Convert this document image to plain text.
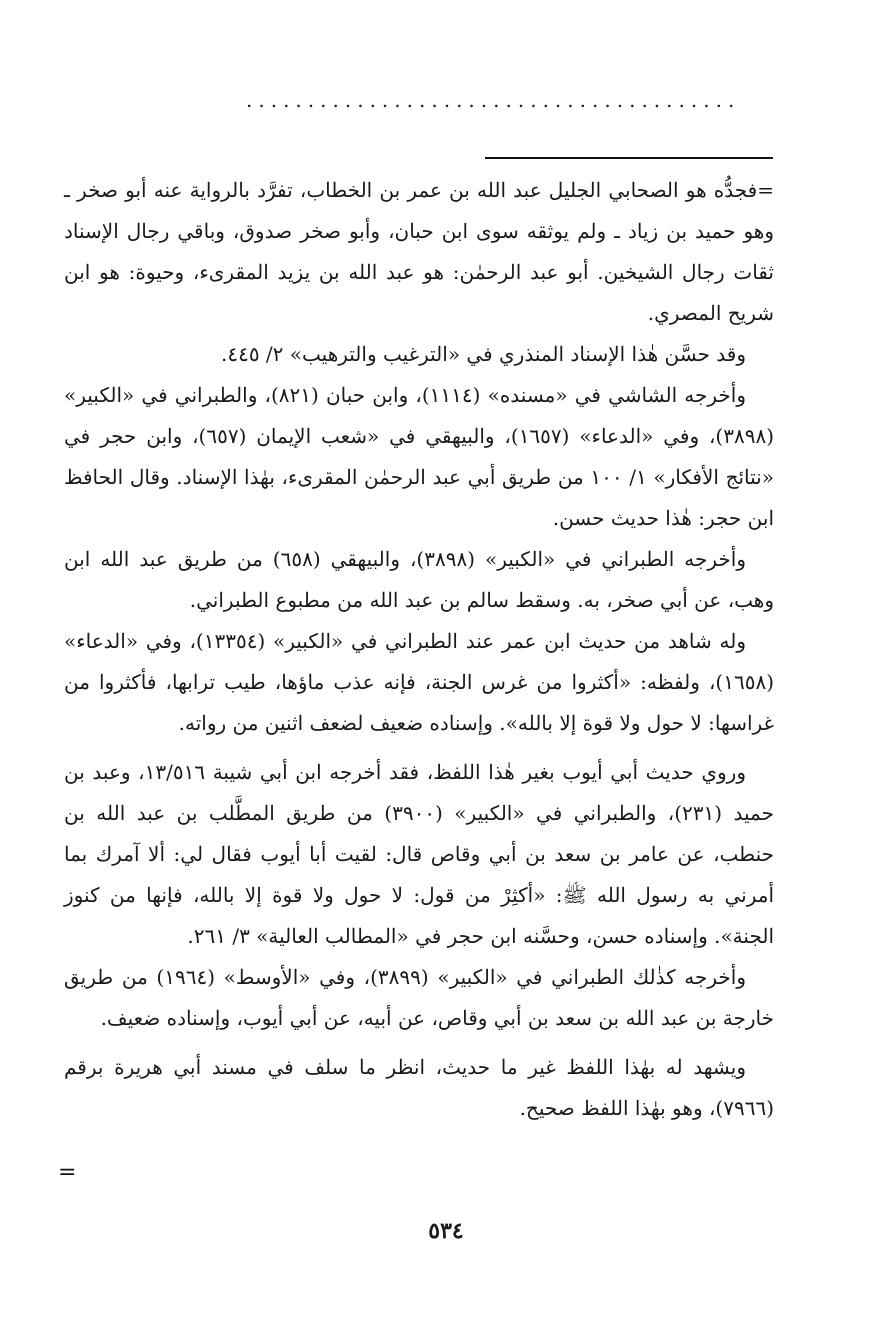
........................................

=فجدُّه هو الصحابي الجليل عبد الله بن عمر بن الخطاب، تفرَّد بالرواية عنه أبو صخر ـ وهو حميد بن زياد ـ ولم يوثقه سوى ابن حبان، وأبو صخر صدوق، وباقي رجال الإسناد ثقات رجال الشيخين. أبو عبد الرحمٰن: هو عبد الله بن يزيد المقرىء، وحيوة: هو ابن شريح المصري.

وقد حسَّن هٰذا الإسناد المنذري في «الترغيب والترهيب» ٢/ ٤٤٥.

وأخرجه الشاشي في «مسنده» (١١١٤)، وابن حبان (٨٢١)، والطبراني في «الكبير» (٣٨٩٨)، وفي «الدعاء» (١٦٥٧)، والبيهقي في «شعب الإيمان (٦٥٧)، وابن حجر في «نتائج الأفكار» ١/ ١٠٠ من طريق أبي عبد الرحمٰن المقرىء، بهٰذا الإسناد. وقال الحافظ ابن حجر: هٰذا حديث حسن.

وأخرجه الطبراني في «الكبير» (٣٨٩٨)، والبيهقي (٦٥٨) من طريق عبد الله ابن وهب، عن أبي صخر، به. وسقط سالم بن عبد الله من مطبوع الطبراني.

وله شاهد من حديث ابن عمر عند الطبراني في «الكبير» (١٣٣٥٤)، وفي «الدعاء» (١٦٥٨)، ولفظه: «أكثروا من غرس الجنة، فإنه عذب ماؤها، طيب ترابها، فأكثروا من غراسها: لا حول ولا قوة إلا بالله». وإسناده ضعيف لضعف اثنين من رواته.

وروي حديث أبي أيوب بغير هٰذا اللفظ، فقد أخرجه ابن أبي شيبة ١٣/٥١٦، وعبد بن حميد (٢٣١)، والطبراني في «الكبير» (٣٩٠٠) من طريق المطَّلب بن عبد الله بن حنطب، عن عامر بن سعد بن أبي وقاص قال: لقيت أبا أيوب فقال لي: ألا آمرك بما أمرني به رسول الله ﷺ: «أكثِرْ من قول: لا حول ولا قوة إلا بالله، فإنها من كنوز الجنة». وإسناده حسن، وحسَّنه ابن حجر في «المطالب العالية» ٣/ ٢٦١.

وأخرجه كذٰلك الطبراني في «الكبير» (٣٨٩٩)، وفي «الأوسط» (١٩٦٤) من طريق خارجة بن عبد الله بن سعد بن أبي وقاص، عن أبيه، عن أبي أيوب، وإسناده ضعيف.

ويشهد له بهٰذا اللفظ غير ما حديث، انظر ما سلف في مسند أبي هريرة برقم (٧٩٦٦)، وهو بهٰذا اللفظ صحيح.

=
٥٣٤
